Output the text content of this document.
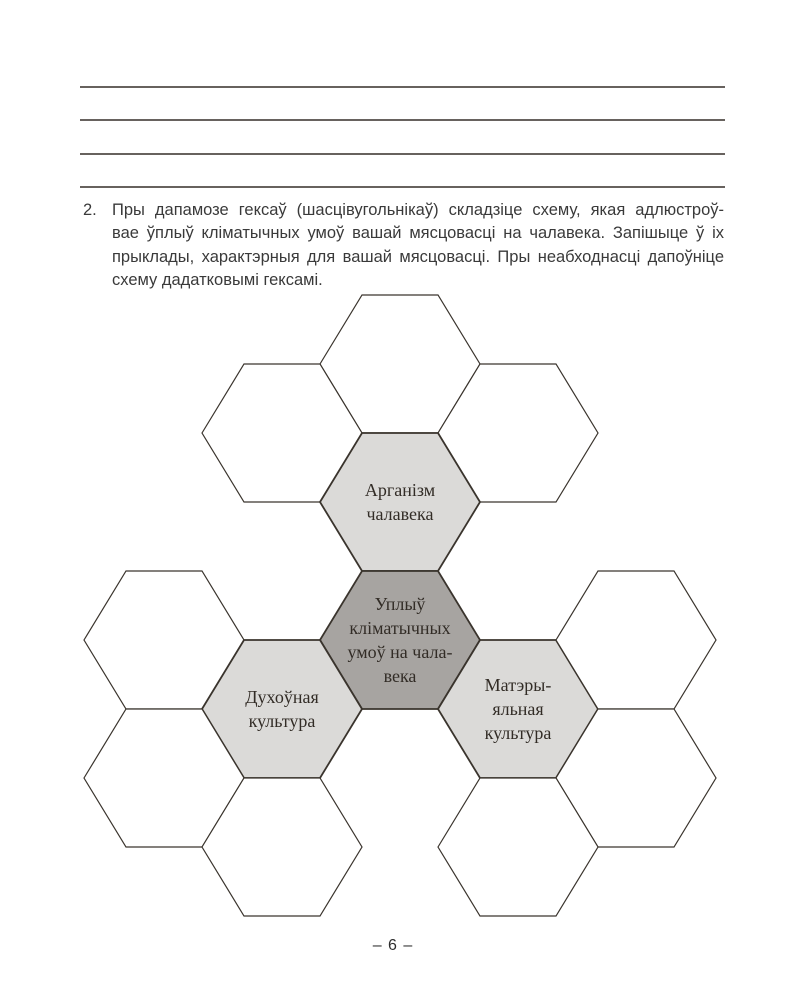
2. Пры дапамозе гексаў (шасцівугольнікаў) складзіце схему, якая адлюстроў-
вае ўплыў кліматычных умоў вашай мясцовасці на чалавека. Запішыце ў іх
прыклады, характэрныя для вашай мясцовасці. Пры неабходнасці дапоўніце
схему дадатковымі гексамі.
Арганізм чалавека
Уплыў кліматычных умоў на чала-века
Духоўная культура
Матэры-яльная культура
– 6 –
